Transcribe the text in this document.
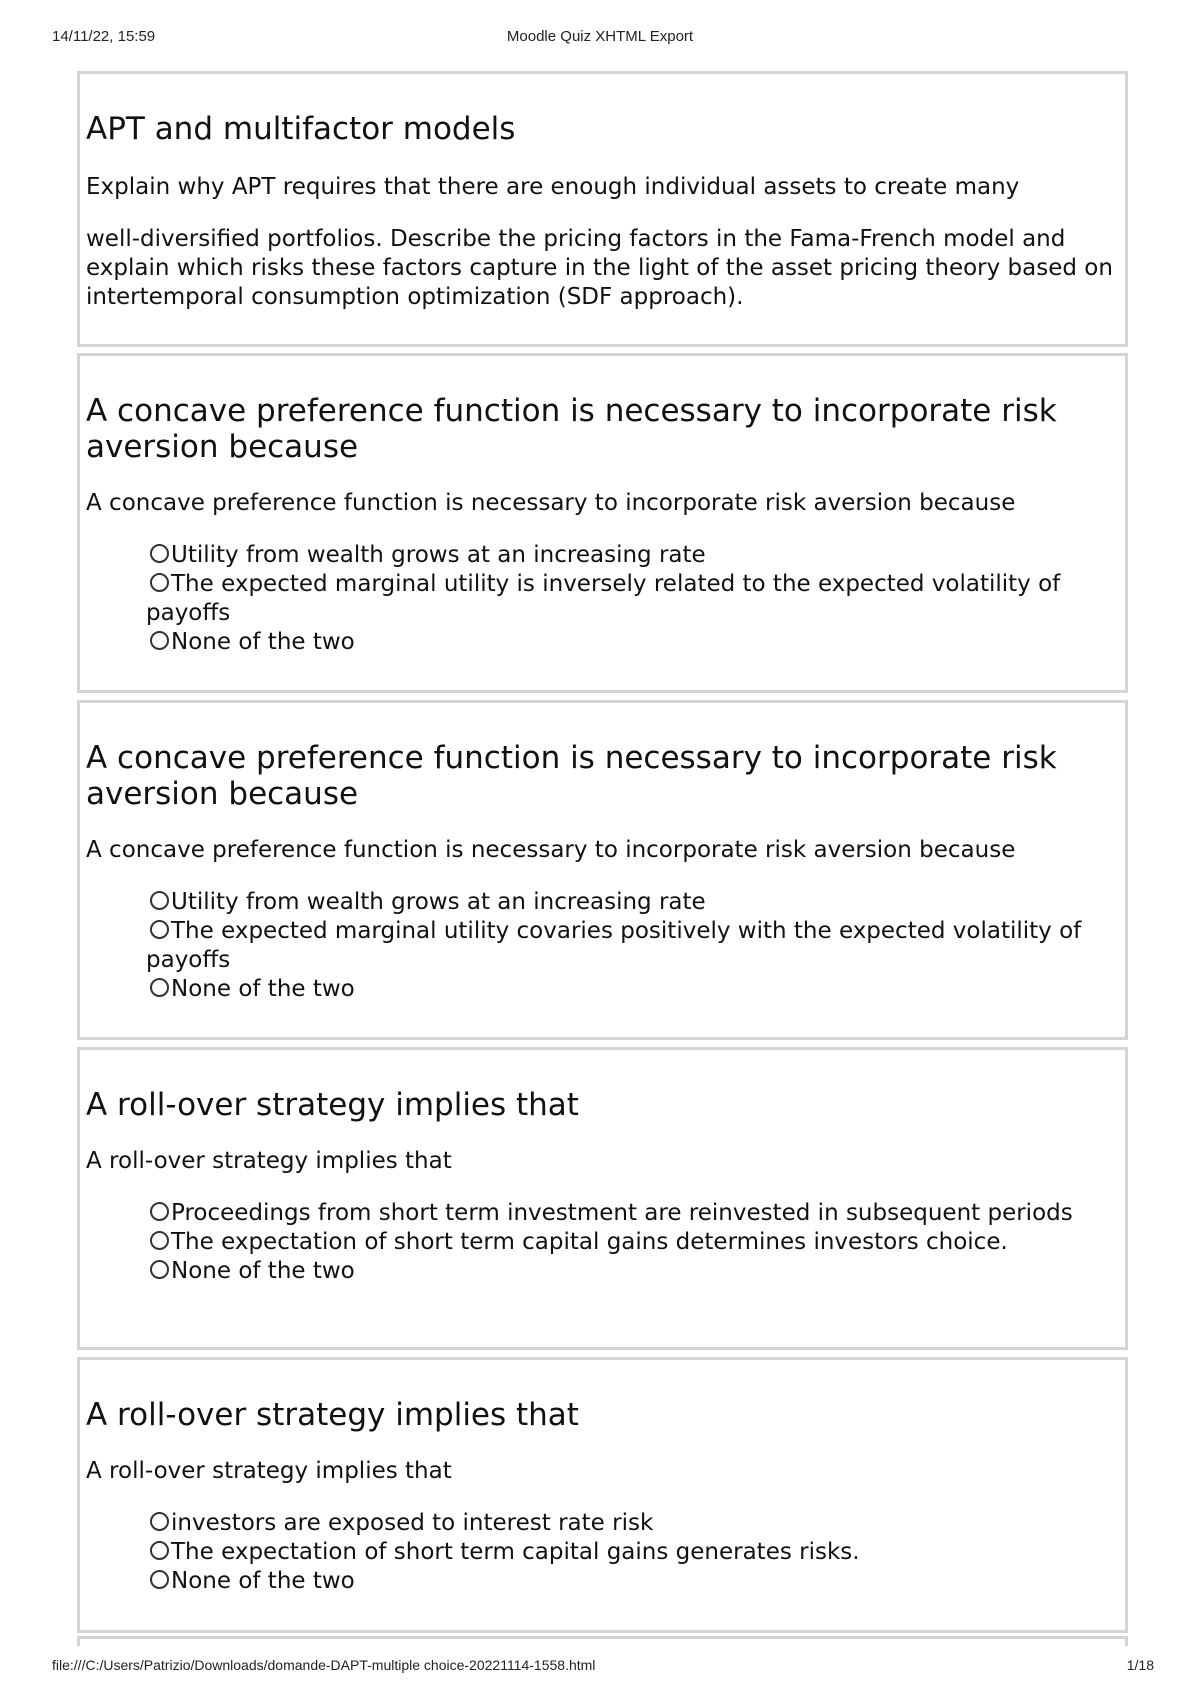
14/11/22, 15:59	Moodle Quiz XHTML Export
APT and multifactor models

Explain why APT requires that there are enough individual assets to create many

well-diversified portfolios. Describe the pricing factors in the Fama-French model and explain which risks these factors capture in the light of the asset pricing theory based on intertemporal consumption optimization (SDF approach).

A concave preference function is necessary to incorporate risk aversion because

A concave preference function is necessary to incorporate risk aversion because

Utility from wealth grows at an increasing rate
The expected marginal utility is inversely related to the expected volatility of payoffs
None of the two
A concave preference function is necessary to incorporate risk aversion because

A concave preference function is necessary to incorporate risk aversion because

Utility from wealth grows at an increasing rate
The expected marginal utility covaries positively with the expected volatility of payoffs
None of the two
A roll-over strategy implies that

A roll-over strategy implies that

Proceedings from short term investment are reinvested in subsequent periods
The expectation of short term capital gains determines investors choice.
None of the two
A roll-over strategy implies that

A roll-over strategy implies that

investors are exposed to interest rate risk
The expectation of short term capital gains generates risks.
None of the two
file:///C:/Users/Patrizio/Downloads/domande-DAPT-multiple choice-20221114-1558.html	1/18
